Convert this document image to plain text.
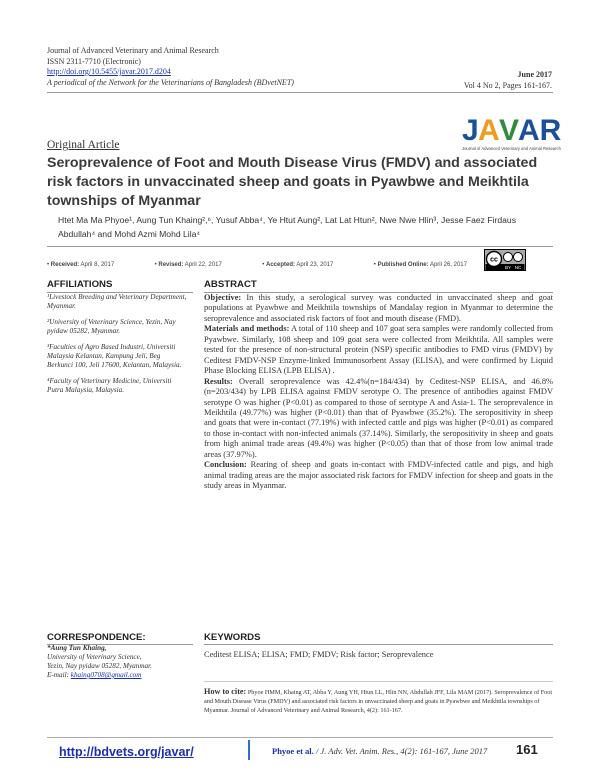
Journal of Advanced Veterinary and Animal Research
ISSN 2311-7710 (Electronic)
http://doi.org/10.5455/javar.2017.d204
A periodical of the Network for the Veterinarians of Bangladesh (BDvetNET)
June 2017
Vol 4 No 2, Pages 161-167.
J A V
AR
Journal of Advanced Veterinary and Animal Research
Original Article
Seroprevalence of Foot and Mouth Disease Virus (FMDV) and associated risk factors in unvaccinated sheep and goats in Pyawbwe and Meikhtila townships of Myanmar
Htet Ma Ma Phyoe¹, Aung Tun Khaing²,⁶, Yusuf Abba⁴, Ye Htut Aung², Lat Lat Htun², Nwe Nwe Hlin³, Jesse Faez Firdaus Abdullah⁴ and Mohd Azmi Mohd Lila⁴
• Received: April 8, 2017	• Revised: April 22, 2017	• Accepted: April 23, 2017	• Published Online: April 26, 2017
cc
BY NC
AFFILIATIONS	ABSTRACT

¹Livestock Breeding and Veterinary Department, Myanmar.

²University of Veterinary Science, Yezin, Nay pyidaw 05282, Myanmar.

³Faculties of Agro Based Industri, Universiti Malaysia Kelantan, Kampung Jeli, Beg Berkunci 100, Jeli 17600, Kelantan, Malaysia.

⁴Faculty of Veterinary Medicine, Universiti Putra Malaysia, Malaysia.

Objective: In this study, a serological survey was conducted in unvaccinated sheep and goat populations at Pyawbwe and Meikhtila townships of Mandalay region in Myanmar to determine the seroprevalence and associated risk factors of foot and mouth disease (FMD).

Materials and methods: A total of 110 sheep and 107 goat sera samples were randomly collected from Pyawbwe. Similarly, 108 sheep and 109 goat sera were collected from Meikhtila. All samples were tested for the presence of non-structural protein (NSP) specific antibodies to FMD virus (FMDV) by Ceditest FMDV-NSP Enzyme-linked Immunosorbent Assay (ELISA), and were confirmed by Liquid Phase Blocking ELISA (LPB ELISA) .

Results: Overall seroprevalence was 42.4%(n=184/434) by Ceditest-NSP ELISA, and 46.8%(n=203/434) by LPB ELISA against FMDV serotype O. The presence of antibodies against FMDV serotype O was higher (P<0.01) as compared to those of serotype A and Asia-1. The seroprevalence in Meikhtila (49.77%) was higher (P<0.01) than that of Pyawbwe (35.2%). The seropositivity in sheep and goats that were in-contact (77.19%) with infected cattle and pigs was higher (P<0.01) as compared to those in-contact with non-infected animals (37.14%). Similarly, the seropositivity in sheep and goats from high animal trade areas (49.4%) was higher (P<0.05) than that of those from low animal trade areas (37.97%).

Conclusion: Rearing of sheep and goats in-contact with FMDV-infected cattle and pigs, and high animal trading areas are the major associated risk factors for FMDV infection for sheep and goats in the study areas in Myanmar.

CORRESPONDENCE:	KEYWORDS
*Aung Tun Khaing,
University of Veterinary Science,
Yezin, Nay pyidaw 05282, Myanmar.
E-mail: khaing0708@gmail.com
Ceditest ELISA; ELISA; FMD; FMDV; Risk factor; Seroprevalence
How to cite: Phyoe HMM, Khaing AT, Abba Y, Aung YH, Htun LL, Hlin NN, Abdullah JFF, Lila MAM (2017). Seroprevalence of Foot and Mouth Disease Virus (FMDV) and associated risk factors in unvaccinated sheep and goats in Pyawbwe and Meikhtila townships of Myanmar. Journal of Advanced Veterinary and Animal Research, 4(2): 161-167.
http://bdvets.org/javar/	Phyoe et al. / J. Adv. Vet. Anim. Res., 4(2): 161-167, June 2017 161
